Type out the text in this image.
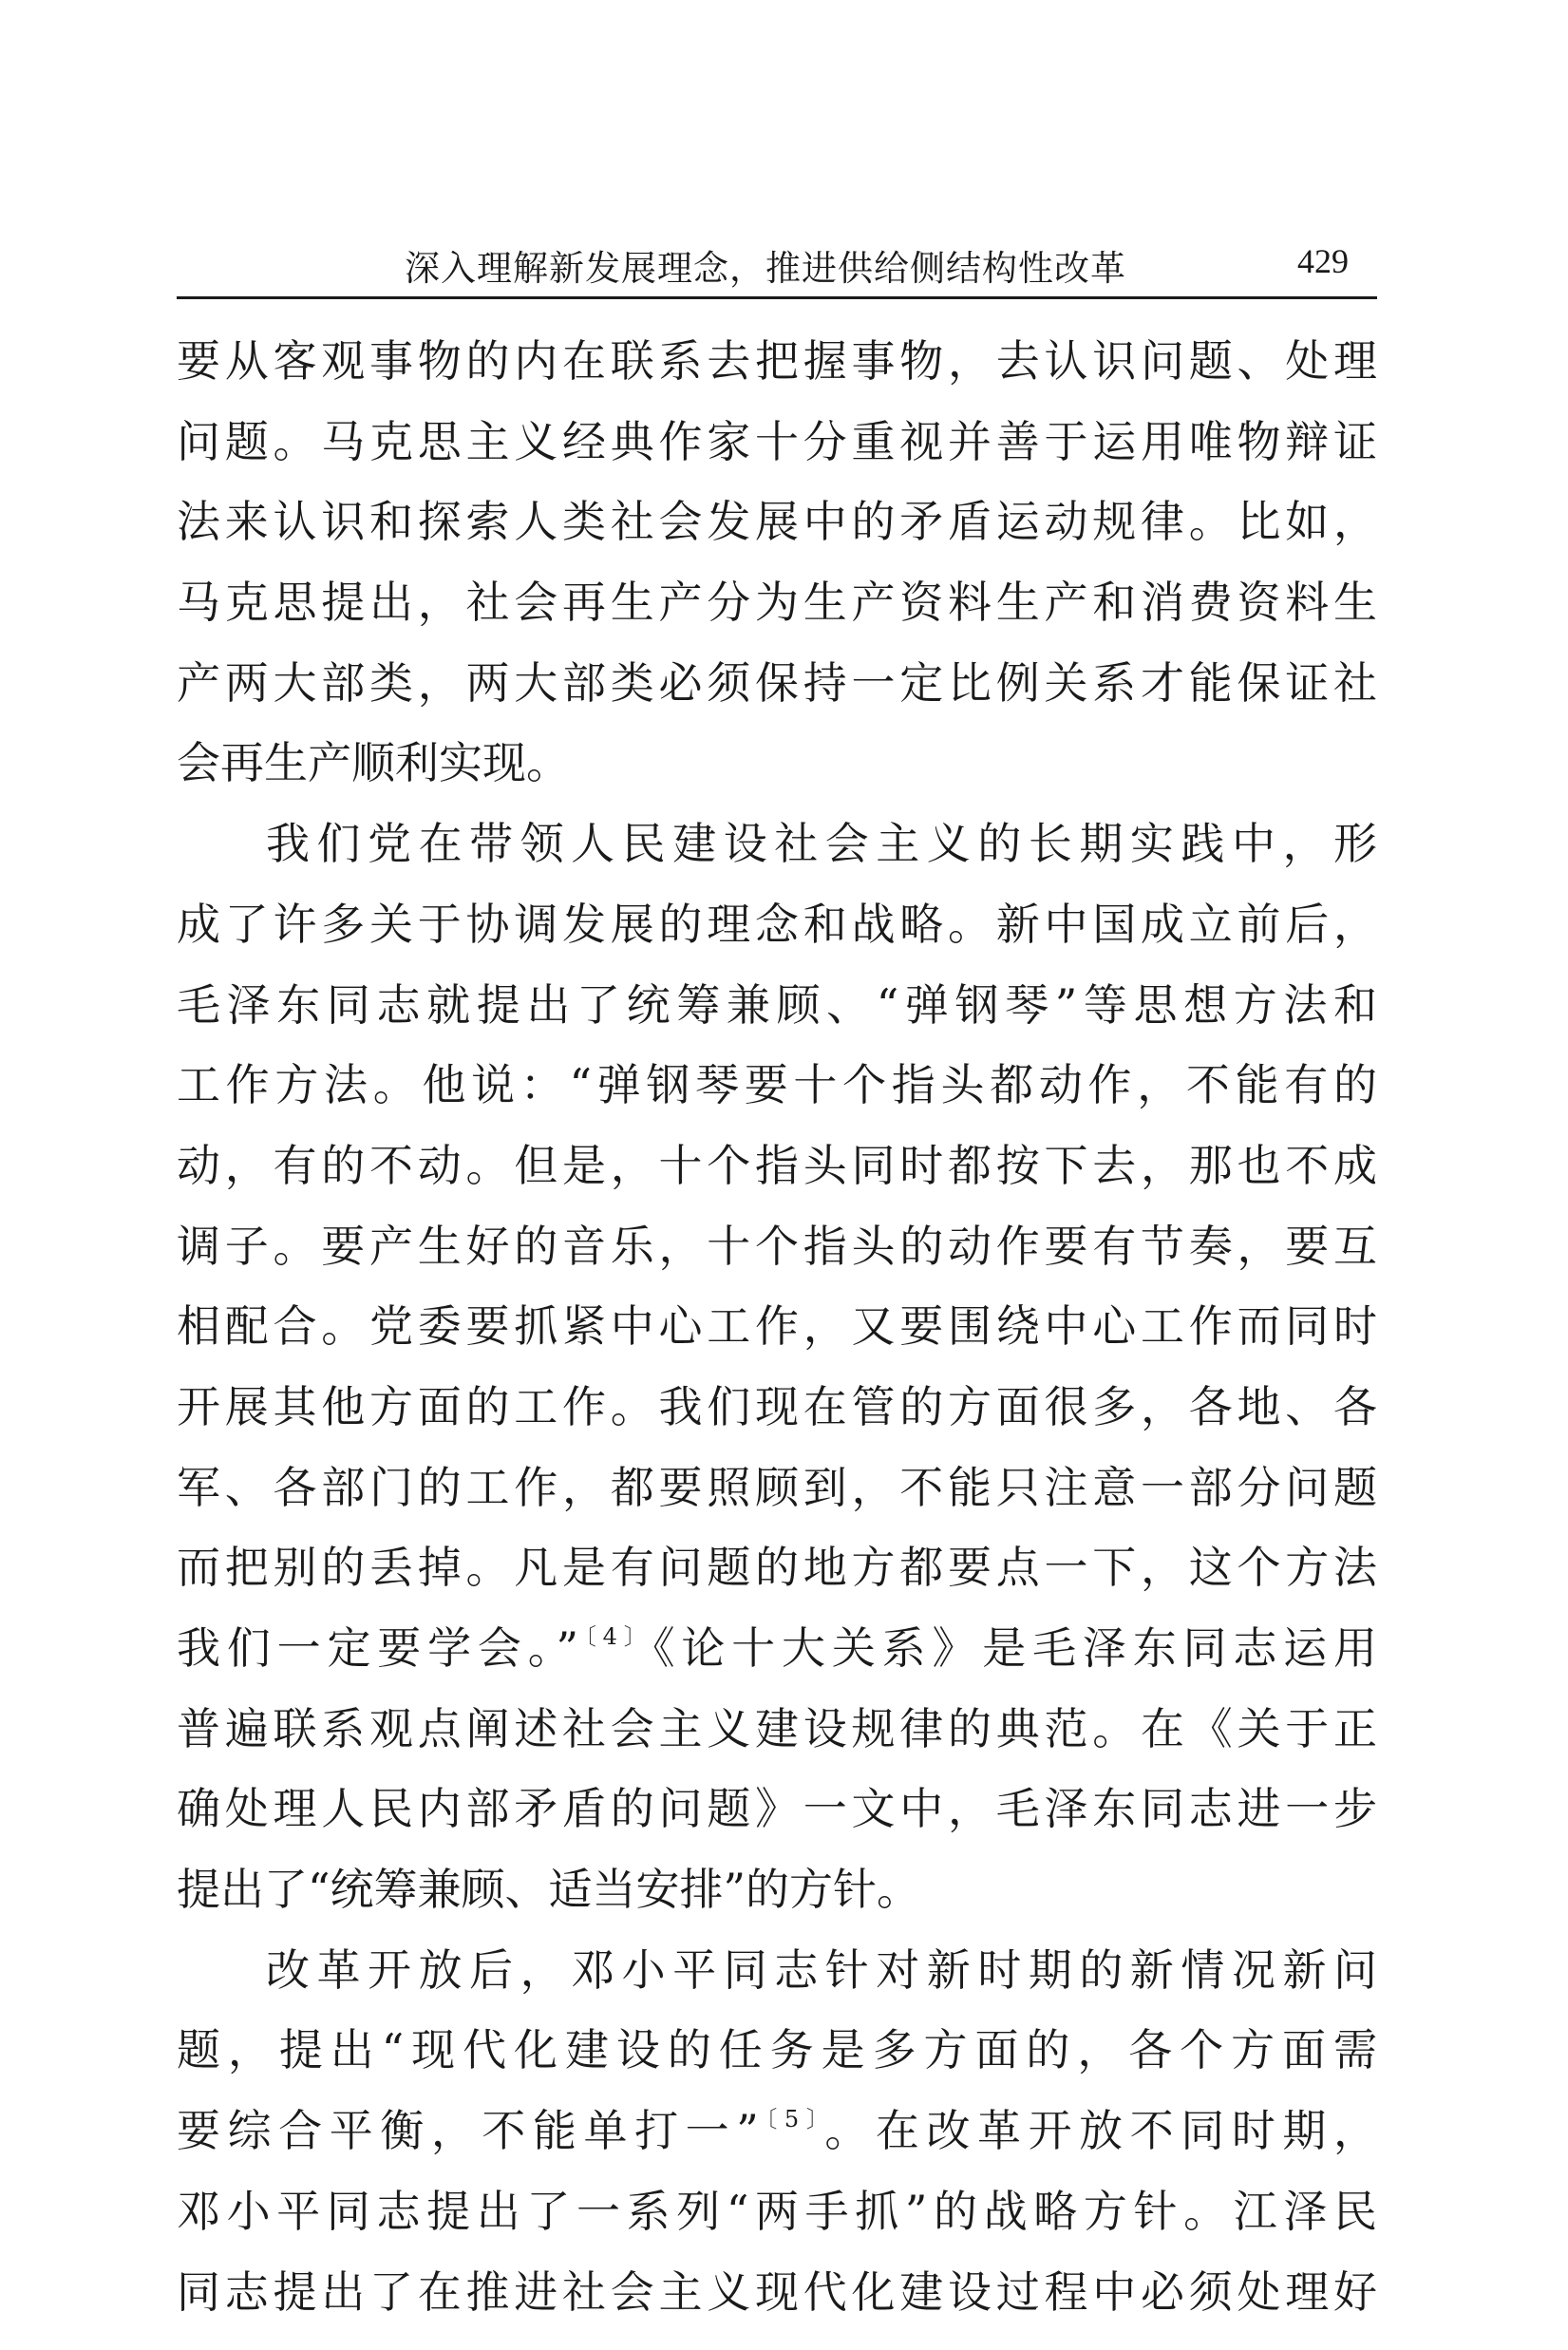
深入理解新发展理念，推进供给侧结构性改革	429
要从客观事物的内在联系去把握事物，去认识问题、处理
问题。马克思主义经典作家十分重视并善于运用唯物辩证
法来认识和探索人类社会发展中的矛盾运动规律。比如，
马克思提出，社会再生产分为生产资料生产和消费资料生
产两大部类，两大部类必须保持一定比例关系才能保证社
会再生产顺利实现。
我们党在带领人民建设社会主义的长期实践中，形
成了许多关于协调发展的理念和战略。新中国成立前后，
毛泽东同志就提出了统筹兼顾、“弹钢琴”等思想方法和
工作方法。他说：“弹钢琴要十个指头都动作，不能有的
动，有的不动。但是，十个指头同时都按下去，那也不成
调子。要产生好的音乐，十个指头的动作要有节奏，要互
相配合。党委要抓紧中心工作，又要围绕中心工作而同时
开展其他方面的工作。我们现在管的方面很多，各地、各
军、各部门的工作，都要照顾到，不能只注意一部分问题
而把别的丢掉。凡是有问题的地方都要点一下，这个方法
我们一定要学会。”$^{〔4〕}$《论十大关系》是毛泽东同志运用
普遍联系观点阐述社会主义建设规律的典范。在《关于正
确处理人民内部矛盾的问题》一文中，毛泽东同志进一步
提出了“统筹兼顾、适当安排”的方针。
改革开放后，邓小平同志针对新时期的新情况新问
题，提出“现代化建设的任务是多方面的，各个方面需
要综合平衡，不能单打一”$^{〔5〕}$。在改革开放不同时期，
邓小平同志提出了一系列“两手抓”的战略方针。江泽民
同志提出了在推进社会主义现代化建设过程中必须处理好
